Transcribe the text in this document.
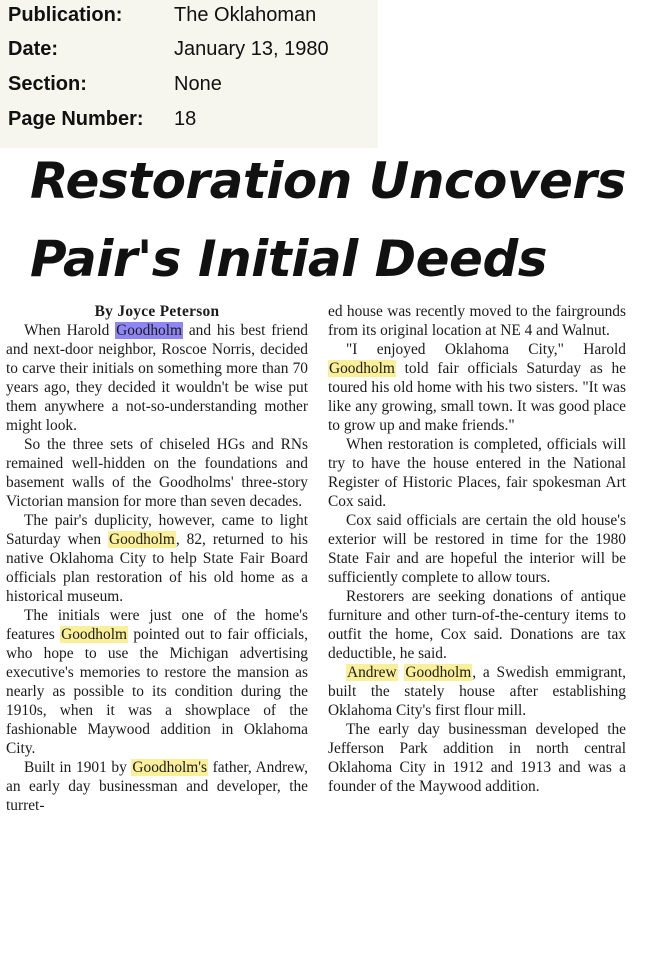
Publication:	The Oklahoman
Date:	January 13, 1980
Section:	None
Page Number: 18
Restoration Uncovers
Pair's Initial Deeds

By Joyce Peterson

When Harold Goodholm and his best friend and next-door neighbor, Roscoe Norris, decided to carve their initials on something more than 70 years ago, they decided it wouldn't be wise put them anywhere a not-so-understanding mother might look.

So the three sets of chiseled HGs and RNs remained well-hidden on the foundations and basement walls of the Goodholms' three-story Victorian mansion for more than seven decades.

The pair's duplicity, however, came to light Saturday when Goodholm, 82, returned to his native Oklahoma City to help State Fair Board officials plan restoration of his old home as a historical museum.

The initials were just one of the home's features Goodholm pointed out to fair officials, who hope to use the Michigan advertising executive's memories to restore the mansion as nearly as possible to its condition during the 1910s, when it was a showplace of the fashionable Maywood addition in Oklahoma City.

Built in 1901 by Goodholm's father, Andrew, an early day businessman and developer, the turret-

ed house was recently moved to the fairgrounds from its original location at NE 4 and Walnut.

"I enjoyed Oklahoma City," Harold Goodholm told fair officials Saturday as he toured his old home with his two sisters. "It was like any growing, small town. It was good place to grow up and make friends."

When restoration is completed, officials will try to have the house entered in the National Register of Historic Places, fair spokesman Art Cox said.

Cox said officials are certain the old house's exterior will be restored in time for the 1980 State Fair and are hopeful the interior will be sufficiently complete to allow tours.

Restorers are seeking donations of antique furniture and other turn-of-the-century items to outfit the home, Cox said. Donations are tax deductible, he said.

Andrew Goodholm, a Swedish emmigrant, built the stately house after establishing Oklahoma City's first flour mill.

The early day businessman developed the Jefferson Park addition in north central Oklahoma City in 1912 and 1913 and was a founder of the Maywood addition.
